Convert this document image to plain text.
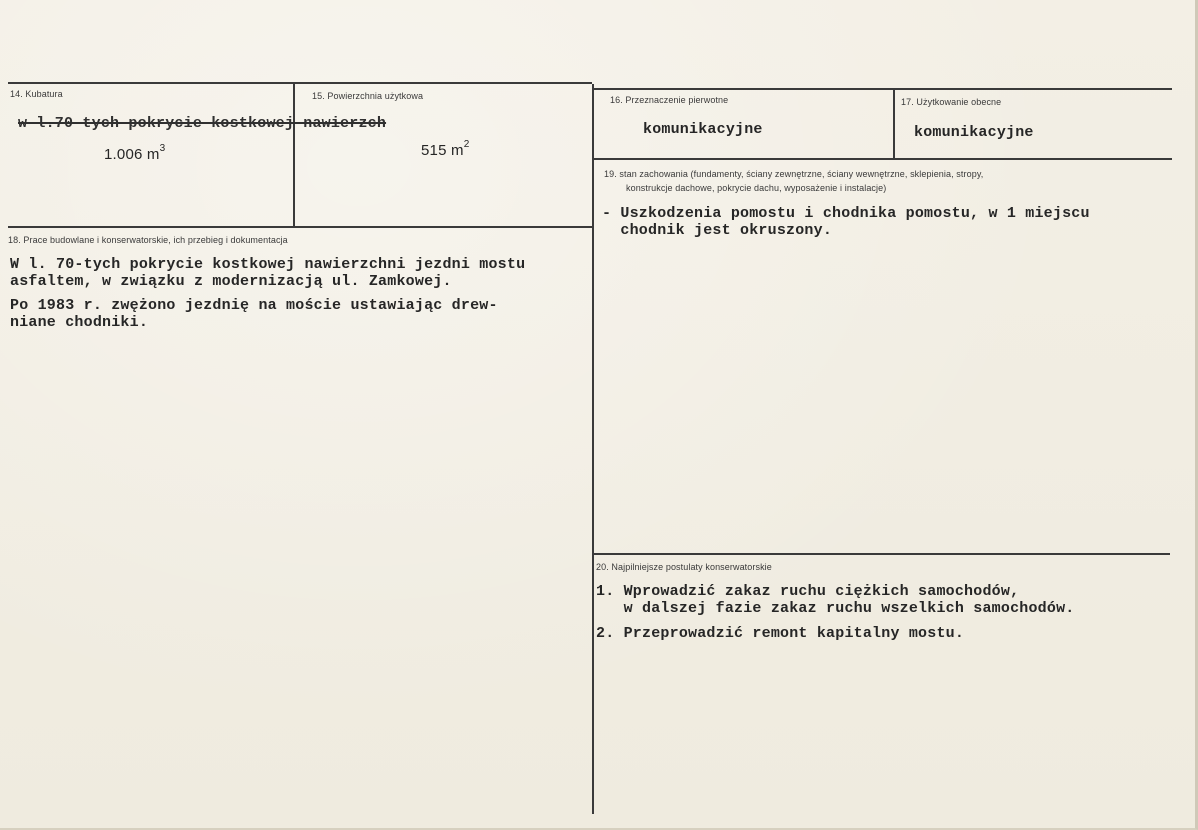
14. Kubatura
w l.70-tych pokrycie kostkowej nawierzch
1.006 $m^3$
15. Powierzchnia użytkowa
515 $m^2$
16. Przeznaczenie pierwotne
komunikacyjne
17. Użytkowanie obecne
komunikacyjne
18. Prace budowlane i konserwatorskie, ich przebieg i dokumentacja
W l. 70-tych pokrycie kostkowej nawierzchni jezdni mostu
asfaltem, w związku z modernizacją ul. Zamkowej.
Po 1983 r. zwężono jezdnię na moście ustawiając drew-
niane chodniki.
19. stan zachowania (fundamenty, ściany zewnętrzne, ściany wewnętrzne, sklepienia, stropy,
konstrukcje dachowe, pokrycie dachu, wyposażenie i instalacje)
- Uszkodzenia pomostu i chodnika pomostu, w 1 miejscu
chodnik jest okruszony.
20. Najpilniejsze postulaty konserwatorskie
1. Wprowadzić zakaz ruchu ciężkich samochodów,
w dalszej fazie zakaz ruchu wszelkich samochodów.
2. Przeprowadzić remont kapitalny mostu.
